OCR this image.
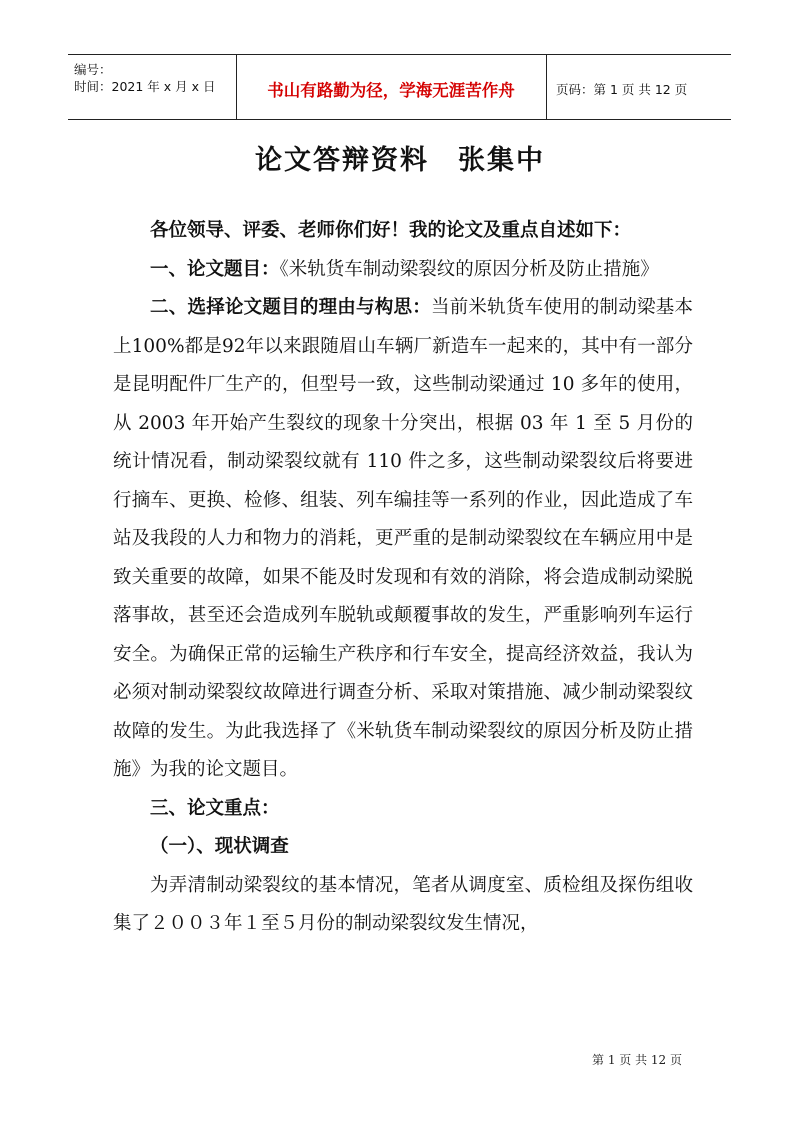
编号：
时间：2021 年 x 月 x 日	书山有路勤为径，学海无涯苦作舟	页码：第 1 页 共 12 页
论文答辩资料　张集中

各位领导、评委、老师你们好！我的论文及重点自述如下：

一、论文题目：《米轨货车制动梁裂纹的原因分析及防止措施》

二、选择论文题目的理由与构思：当前米轨货车使用的制动梁基本上100%都是92年以来跟随眉山车辆厂新造车一起来的，其中有一部分是昆明配件厂生产的，但型号一致，这些制动梁通过 10 多年的使用，从 2003 年开始产生裂纹的现象十分突出，根据 03 年 1 至 5 月份的统计情况看，制动梁裂纹就有 110 件之多，这些制动梁裂纹后将要进行摘车、更换、检修、组装、列车编挂等一系列的作业，因此造成了车站及我段的人力和物力的消耗，更严重的是制动梁裂纹在车辆应用中是致关重要的故障，如果不能及时发现和有效的消除，将会造成制动梁脱落事故，甚至还会造成列车脱轨或颠覆事故的发生，严重影响列车运行安全。为确保正常的运输生产秩序和行车安全，提高经济效益，我认为必须对制动梁裂纹故障进行调查分析、采取对策措施、减少制动梁裂纹故障的发生。为此我选择了《米轨货车制动梁裂纹的原因分析及防止措施》为我的论文题目。

三、论文重点：

（一）、现状调查

为弄清制动梁裂纹的基本情况，笔者从调度室、质检组及探伤组收集了２００３年１至５月份的制动梁裂纹发生情况，

第 1 页 共 12 页
